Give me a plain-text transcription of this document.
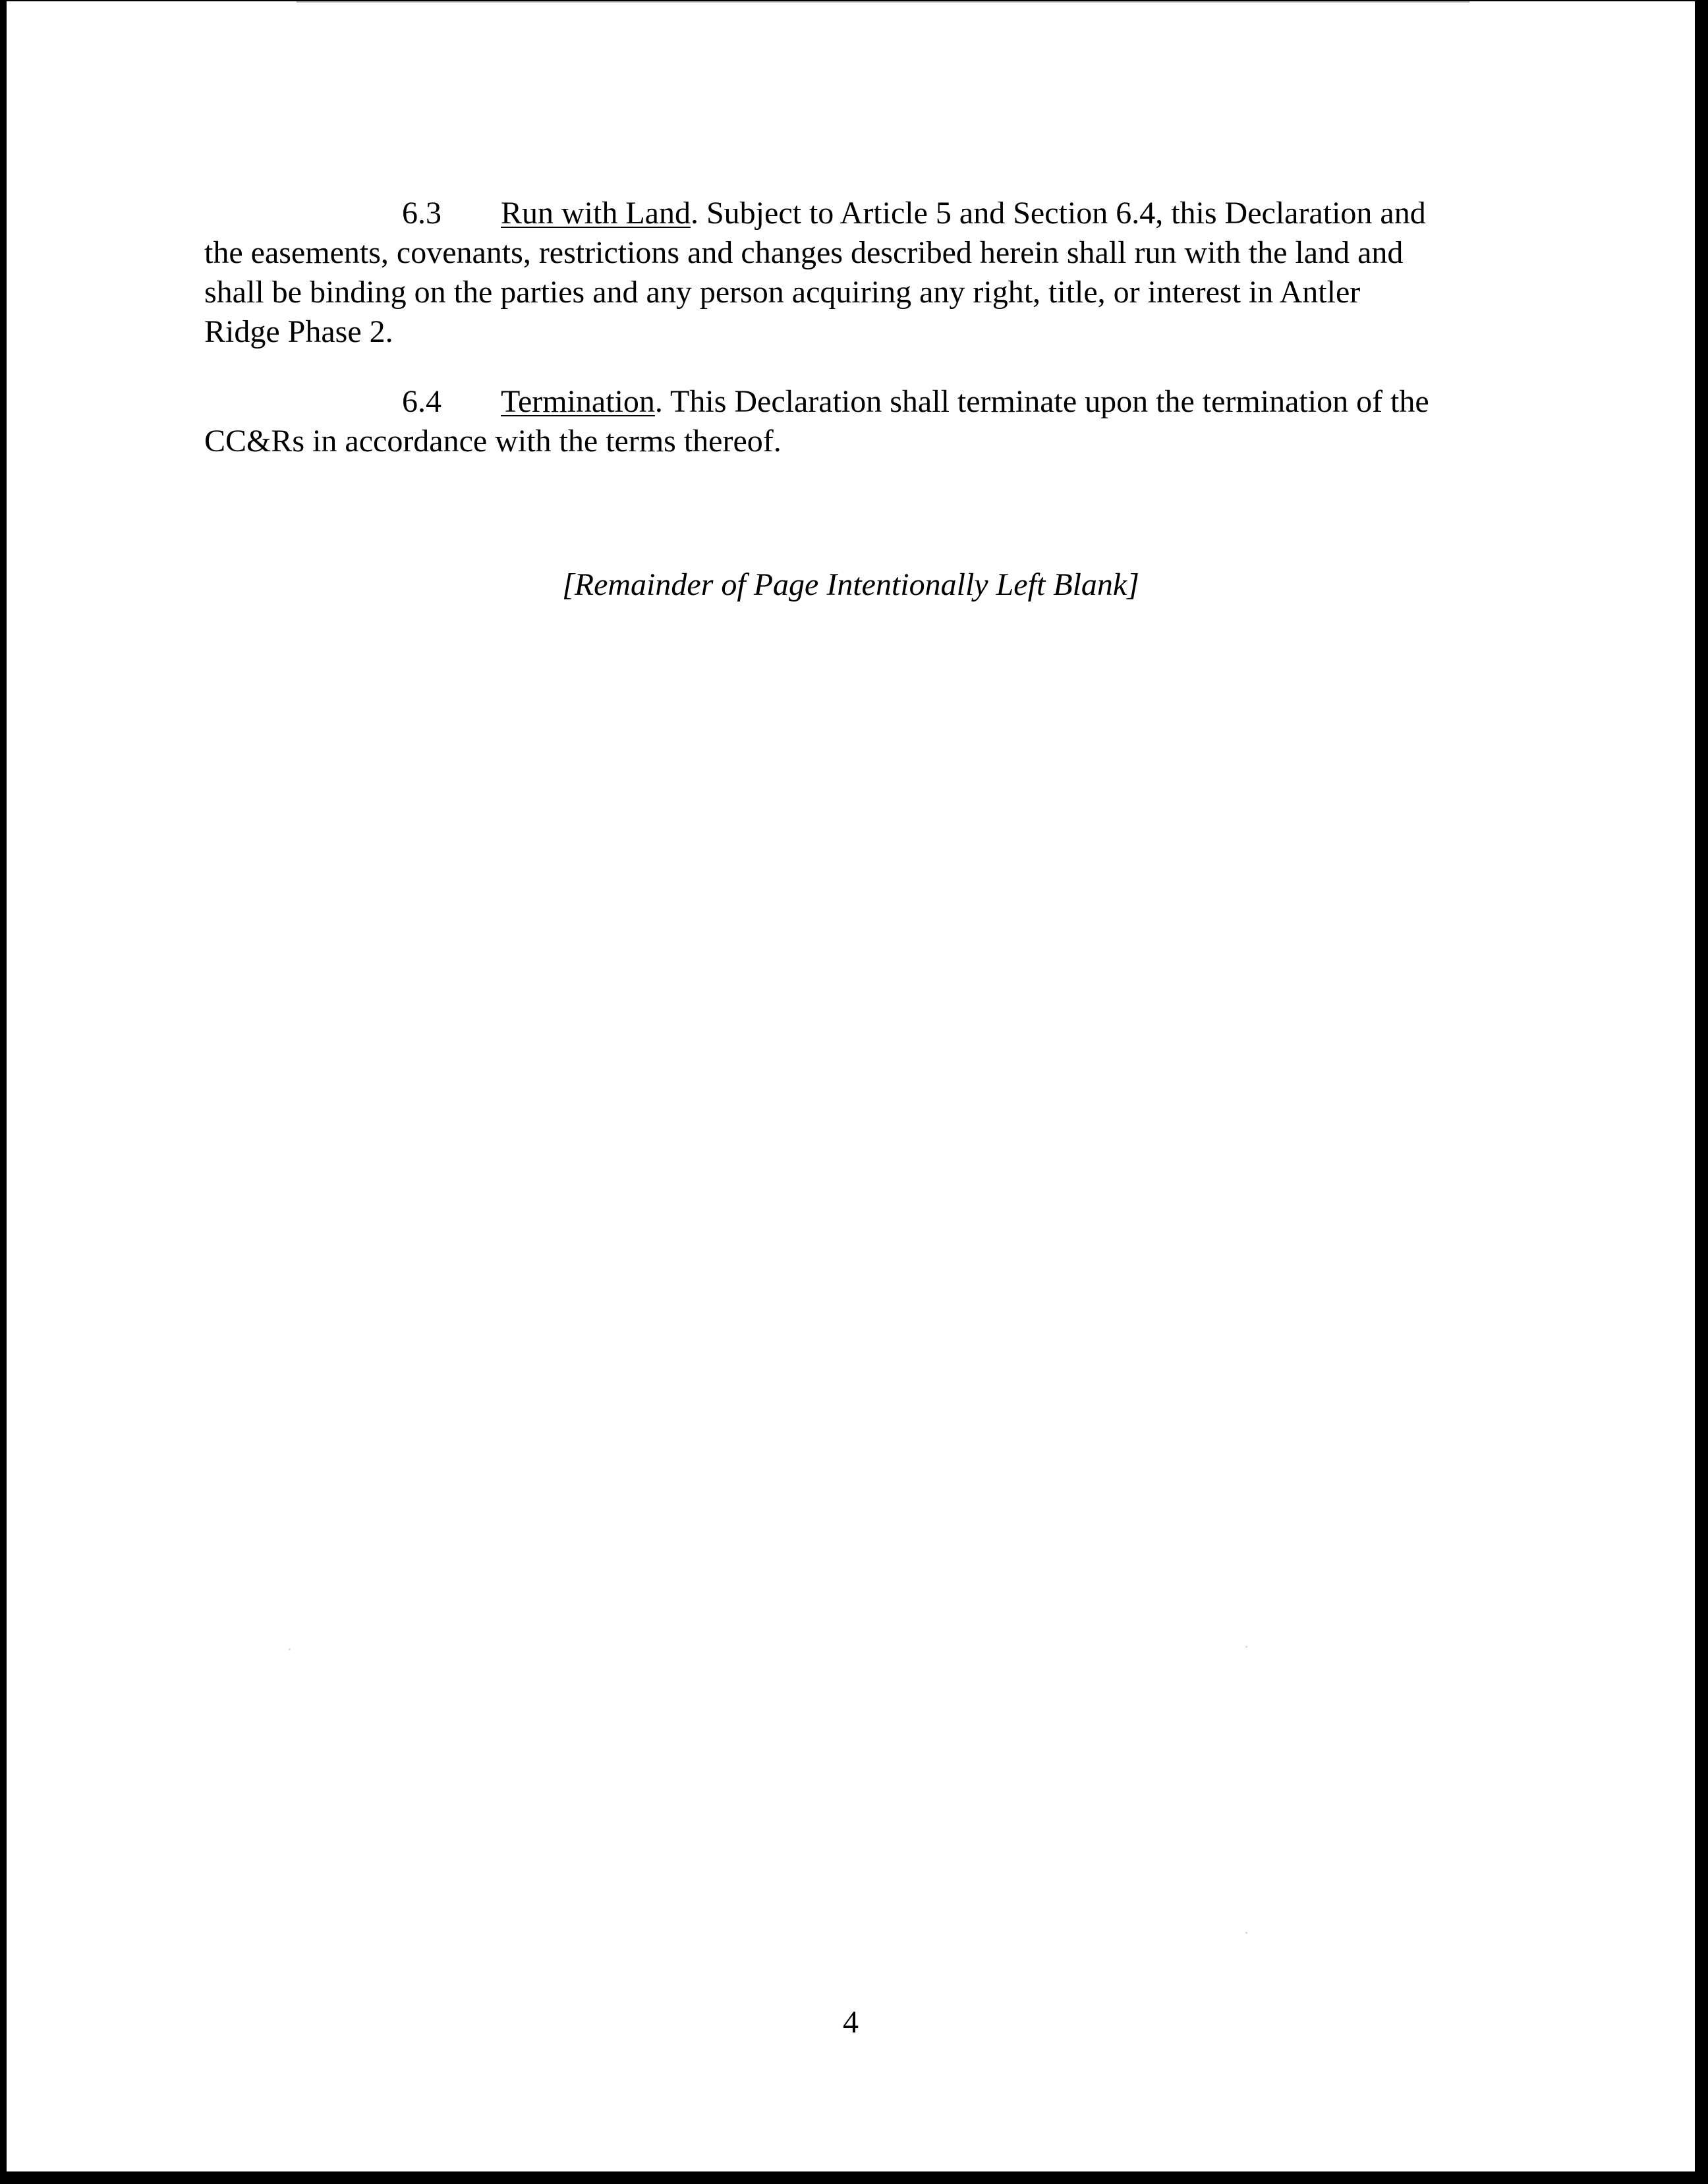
6.3 Run with Land. Subject to Article 5 and Section 6.4, this Declaration and
the easements, covenants, restrictions and changes described herein shall run with the land and
shall be binding on the parties and any person acquiring any right, title, or interest in Antler
Ridge Phase 2.

6.4 Termination. This Declaration shall terminate upon the termination of the
CC&Rs in accordance with the terms thereof.

[Remainder of Page Intentionally Left Blank]
4
